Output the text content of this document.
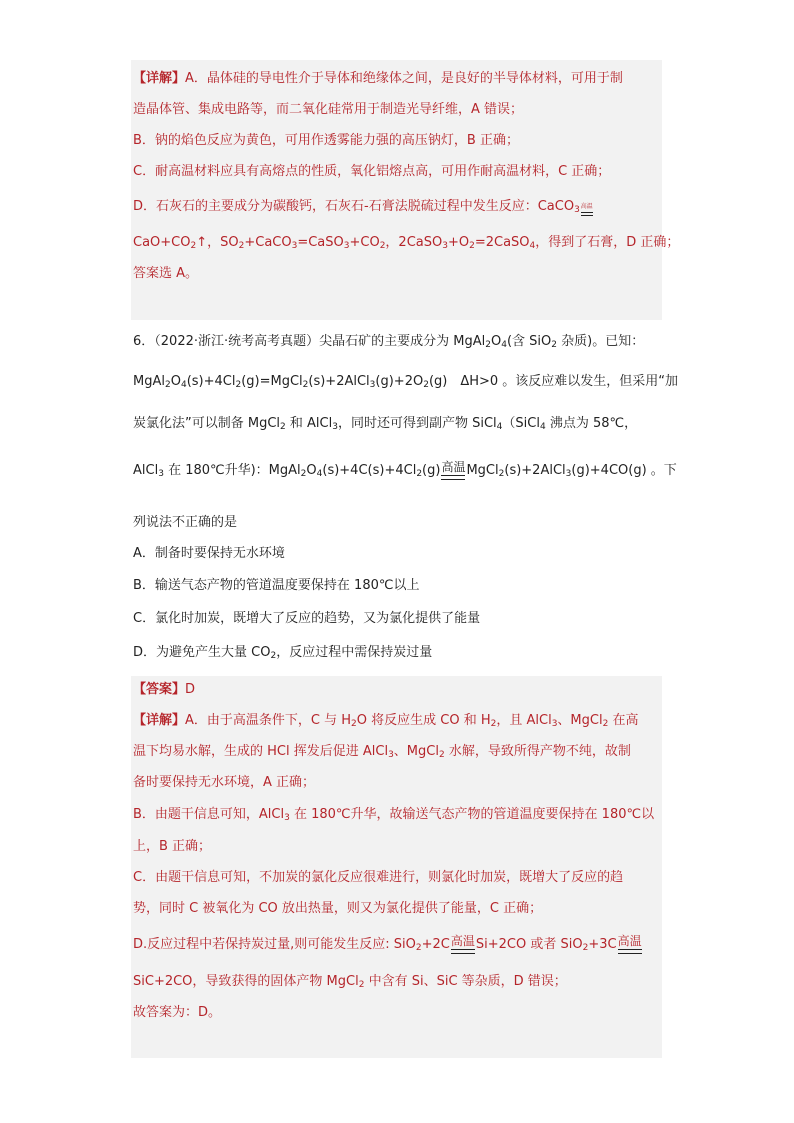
【详解】A．晶体硅的导电性介于导体和绝缘体之间，是良好的半导体材料，可用于制
造晶体管、集成电路等，而二氧化硅常用于制造光导纤维，A 错误；
B．钠的焰色反应为黄色，可用作透雾能力强的高压钠灯，B 正确；
C．耐高温材料应具有高熔点的性质，氧化铝熔点高，可用作耐高温材料，C 正确；
D．石灰石的主要成分为碳酸钙，石灰石-石膏法脱硫过程中发生反应：CaCO$_3$ 高温
$CaO+CO_2↑$，$SO_2+CaCO_3=CaSO_3+CO_2$，$2CaSO_3+O_2=2CaSO_4$，得到了石膏，D 正确；
答案选 A。
6．（2022·浙江·统考高考真题）尖晶石矿的主要成分为 $MgAl_2O_4$(含 SiO$_2$ 杂质)。已知：
$MgAl_2O_4(s)+4Cl_2(g)=MgCl_2(s)+2AlCl_3(g)+2O_2(g)$　ΔH>0 。该反应难以发生，但采用“加
炭氯化法”可以制备 MgCl$_2$ 和 AlCl$_3$，同时还可得到副产物 SiCl$_4$（SiCl$_4$ 沸点为 58℃，
AlCl$_3$ 在 180℃升华)：$MgAl_2O_4(s)+4C(s)+4Cl_2(g)$ 高温 MgCl$_2$(s)+2AlCl$_3$(g)+4CO(g) 。下
列说法不正确的是
A．制备时要保持无水环境
B．输送气态产物的管道温度要保持在 180℃以上
C．氯化时加炭，既增大了反应的趋势，又为氯化提供了能量
D．为避免产生大量 $CO_2$，反应过程中需保持炭过量
【答案】D
【详解】A．由于高温条件下，C 与 $H_2O$ 将反应生成 CO 和 $H_2$，且 AlCl$_3$、MgCl$_2$ 在高
温下均易水解，生成的 HCl 挥发后促进 AlCl$_3$、MgCl$_2$ 水解，导致所得产物不纯，故制
备时要保持无水环境，A 正确；
B．由题干信息可知，AlCl$_3$ 在 180℃升华，故输送气态产物的管道温度要保持在 180℃以
上，B 正确；
C．由题干信息可知，不加炭的氯化反应很难进行，则氯化时加炭，既增大了反应的趋
势，同时 C 被氧化为 CO 放出热量，则又为氯化提供了能量，C 正确；
D.反应过程中若保持炭过量,则可能发生反应: SiO$_2$+2C 高温 Si+2CO 或者 SiO$_2$+3C 高温
SiC+2CO，导致获得的固体产物 MgCl$_2$ 中含有 Si、SiC 等杂质，D 错误；
故答案为：D。
